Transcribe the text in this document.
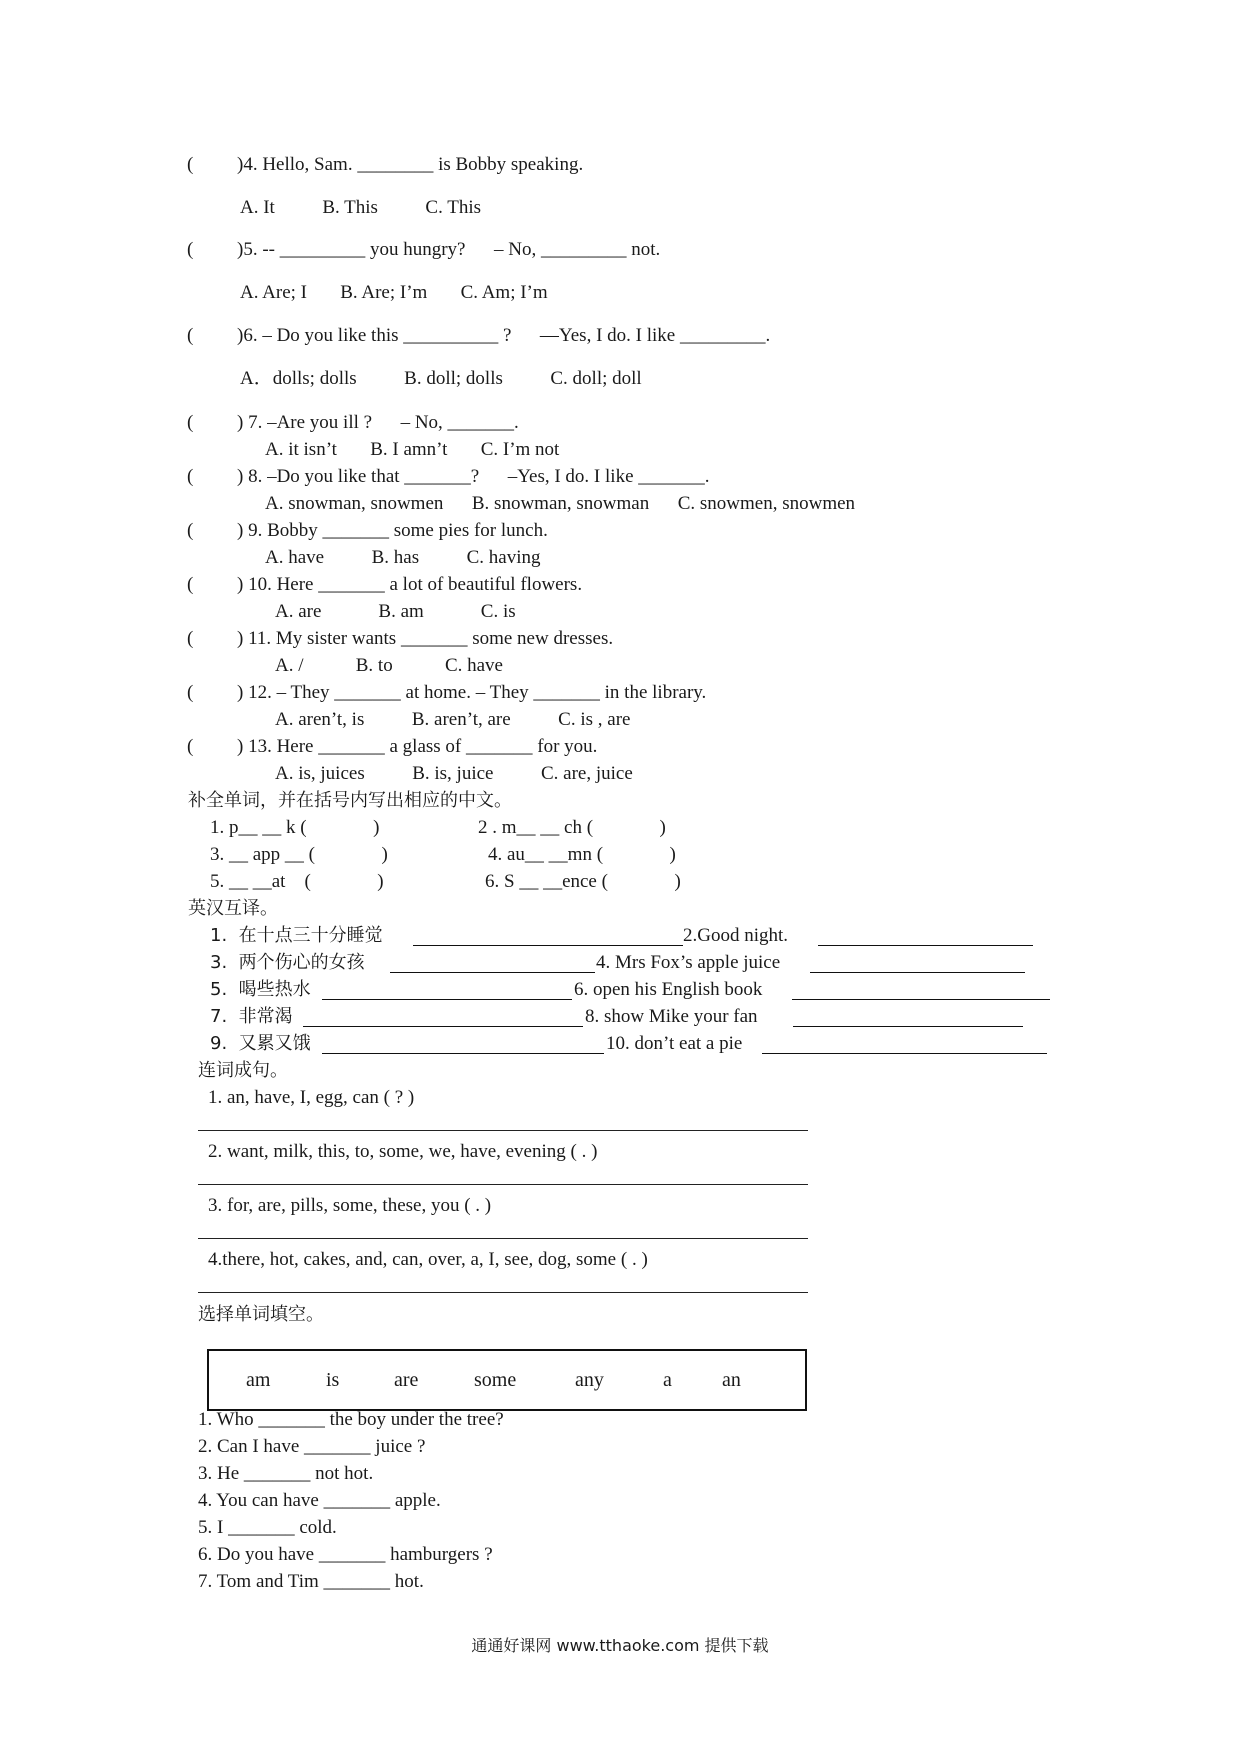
( )4. Hello, Sam. ________ is Bobby speaking.
A. It          B. This          C. This
( )5. -- _________ you hungry?      – No, _________ not.
A. Are; I       B. Are; I’m       C. Am; I’m
( )6. – Do you like this __________ ?      —Yes, I do. I like _________.
A．dolls; dolls          B. doll; dolls          C. doll; doll
( ) 7. –Are you ill ?      – No, _______.
A. it isn’t       B. I amn’t       C. I’m not
( ) 8. –Do you like that _______?      –Yes, I do. I like _______.
A. snowman, snowmen      B. snowman, snowman      C. snowmen, snowmen
( ) 9. Bobby _______ some pies for lunch.
A. have          B. has          C. having
( ) 10. Here _______ a lot of beautiful flowers.
A. are            B. am            C. is
( ) 11. My sister wants _______ some new dresses.
A. /           B. to           C. have
( ) 12. – They _______ at home. – They _______ in the library.
A. aren’t, is          B. aren’t, are          C. is , are
( ) 13. Here _______ a glass of _______ for you.
A. is, juices          B. is, juice          C. are, juice
补全单词，并在括号内写出相应的中文。
1. p__ __ k (              )	2 . m__ __ ch (              )
3. __ app __ (              )	4. au__ __mn (              )
5. __ __at    (              )	6. S __ __ence (              )
英汉互译。
1.  在十点三十分睡觉	2.Good night.
3.  两个伤心的女孩	4. Mrs Fox’s apple juice
5.  喝些热水	6. open his English book
7.  非常渴	8. show Mike your fan
9.  又累又饿	10. don’t eat a pie
连词成句。
1. an, have, I, egg, can ( ? )
2. want, milk, this, to, some, we, have, evening ( . )
3. for, are, pills, some, these, you ( . )
4.there, hot, cakes, and, can, over, a, I, see, dog, some ( . )
选择单词填空。
am	is	are	some	any	a	an
1. Who _______ the boy under the tree?
2. Can I have _______ juice ?
3. He _______ not hot.
4. You can have _______ apple.
5. I _______ cold.
6. Do you have _______ hamburgers ?
7. Tom and Tim _______ hot.
通通好课网 www.tthaoke.com 提供下载
